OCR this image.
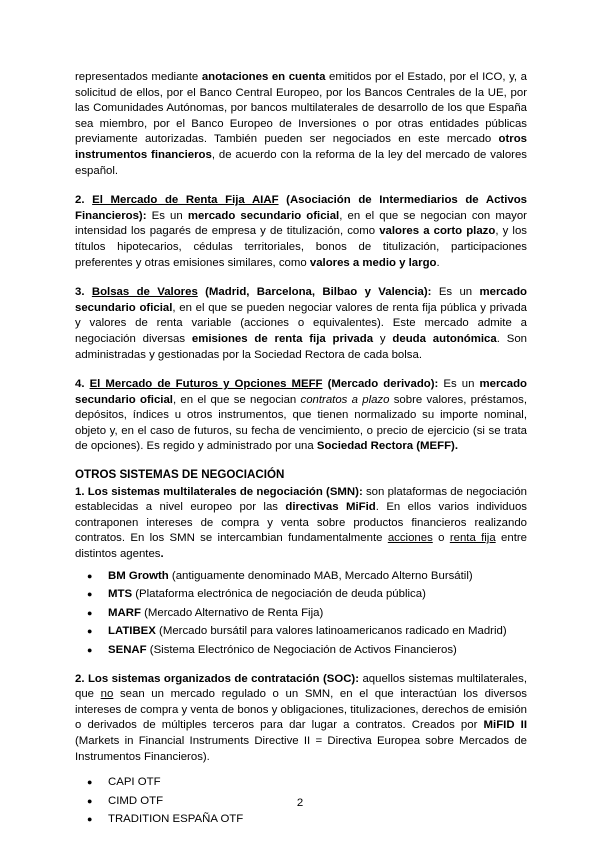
representados mediante anotaciones en cuenta emitidos por el Estado, por el ICO, y, a solicitud de ellos, por el Banco Central Europeo, por los Bancos Centrales de la UE, por las Comunidades Autónomas, por bancos multilaterales de desarrollo de los que España sea miembro, por el Banco Europeo de Inversiones o por otras entidades públicas previamente autorizadas. También pueden ser negociados en este mercado otros instrumentos financieros, de acuerdo con la reforma de la ley del mercado de valores español.

2. El Mercado de Renta Fija AIAF (Asociación de Intermediarios de Activos Financieros): Es un mercado secundario oficial, en el que se negocian con mayor intensidad los pagarés de empresa y de titulización, como valores a corto plazo, y los títulos hipotecarios, cédulas territoriales, bonos de titulización, participaciones preferentes y otras emisiones similares, como valores a medio y largo.

3. Bolsas de Valores (Madrid, Barcelona, Bilbao y Valencia): Es un mercado secundario oficial, en el que se pueden negociar valores de renta fija pública y privada y valores de renta variable (acciones o equivalentes). Este mercado admite a negociación diversas emisiones de renta fija privada y deuda autonómica. Son administradas y gestionadas por la Sociedad Rectora de cada bolsa.

4. El Mercado de Futuros y Opciones MEFF (Mercado derivado): Es un mercado secundario oficial, en el que se negocian contratos a plazo sobre valores, préstamos, depósitos, índices u otros instrumentos, que tienen normalizado su importe nominal, objeto y, en el caso de futuros, su fecha de vencimiento, o precio de ejercicio (si se trata de opciones). Es regido y administrado por una Sociedad Rectora (MEFF).

OTROS SISTEMAS DE NEGOCIACIÓN

1. Los sistemas multilaterales de negociación (SMN): son plataformas de negociación establecidas a nivel europeo por las directivas MiFid. En ellos varios individuos contraponen intereses de compra y venta sobre productos financieros realizando contratos. En los SMN se intercambian fundamentalmente acciones o renta fija entre distintos agentes.

● BM Growth (antiguamente denominado MAB, Mercado Alterno Bursátil)
● MTS (Plataforma electrónica de negociación de deuda pública)
● MARF (Mercado Alternativo de Renta Fija)
● LATIBEX (Mercado bursátil para valores latinoamericanos radicado en Madrid)
● SENAF (Sistema Electrónico de Negociación de Activos Financieros)

2. Los sistemas organizados de contratación (SOC): aquellos sistemas multilaterales, que no sean un mercado regulado o un SMN, en el que interactúan los diversos intereses de compra y venta de bonos y obligaciones, titulizaciones, derechos de emisión o derivados de múltiples terceros para dar lugar a contratos. Creados por MiFID II (Markets in Financial Instruments Directive II = Directiva Europea sobre Mercados de Instrumentos Financieros).

● CAPI OTF
● CIMD OTF
● TRADITION ESPAÑA OTF
2
